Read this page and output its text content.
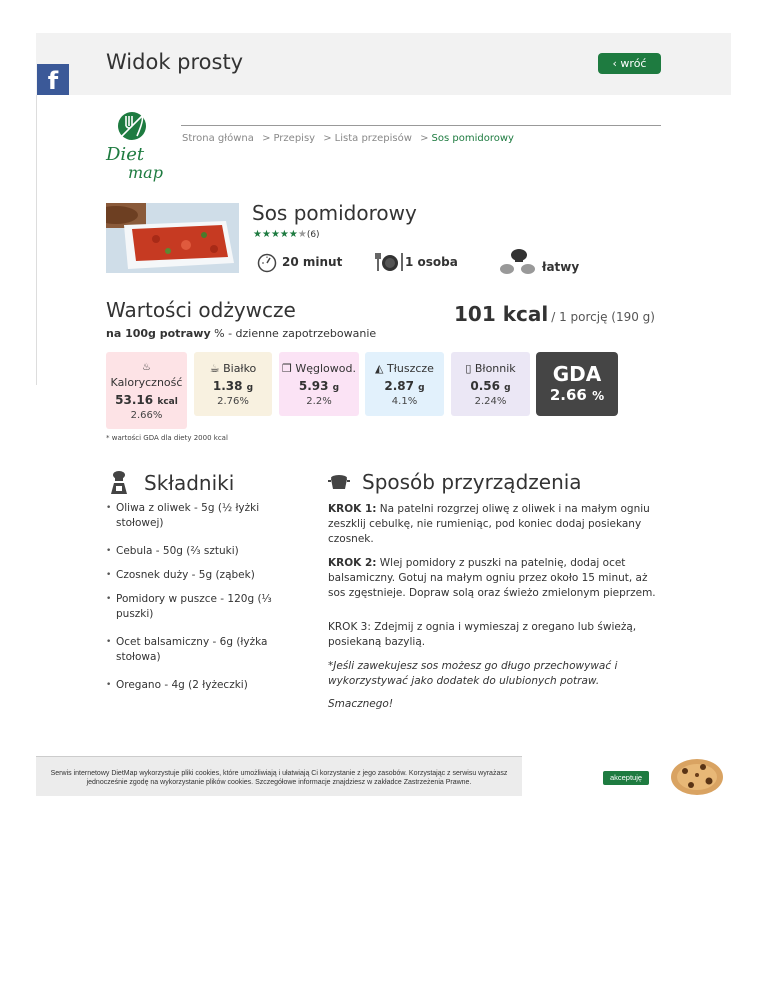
f
Widok prosty	‹ wróć
Diet
map
Strona główna > Przepisy > Lista przepisów > Sos pomidorowy
Sos pomidorowy
★★★★★★(6)
20 minut	1 osoba	łatwy
Wartości odżywcze	101 kcal / 1 porcję (190 g)
na 100g potrawy % - dzienne zapotrzebowanie
♨
Kaloryczność
53.16 kcal
2.66%
☕ Białko
1.38 g
2.76%
❒ Węglowod.
5.93 g
2.2%
◭ Tłuszcze
2.87 g
4.1%
▯ Błonnik
0.56 g
2.24%
GDA
2.66 %
* wartości GDA dla diety 2000 kcal
Składniki
• Oliwa z oliwek - 5g (½ łyżki stołowej)
• Cebula - 50g (⅔ sztuki)
• Czosnek duży - 5g (ząbek)
• Pomidory w puszce - 120g (⅓ puszki)
• Ocet balsamiczny - 6g (łyżka stołowa)
• Oregano - 4g (2 łyżeczki)
Sposób przyrządzenia
KROK 1: Na patelni rozgrzej oliwę z oliwek i na małym ogniu zeszklij cebulkę, nie rumieniąc, pod koniec dodaj posiekany czosnek.
KROK 2: Wlej pomidory z puszki na patelnię, dodaj ocet balsamiczny. Gotuj na małym ogniu przez około 15 minut, aż sos zgęstnieje. Dopraw solą oraz świeżo zmielonym pieprzem.
KROK 3: Zdejmij z ognia i wymieszaj z oregano lub świeżą, posiekaną bazylią.
*Jeśli zawekujesz sos możesz go długo przechowywać i wykorzystywać jako dodatek do ulubionych potraw.
Smacznego!
Serwis internetowy DietMap wykorzystuje pliki cookies, które umożliwiają i ułatwiają Ci korzystanie z jego zasobów. Korzystając z serwisu wyrażasz jednocześnie zgodę na wykorzystanie plików cookies. Szczegółowe informacje znajdziesz w zakładce Zastrzeżenia Prawne.
akceptuję
